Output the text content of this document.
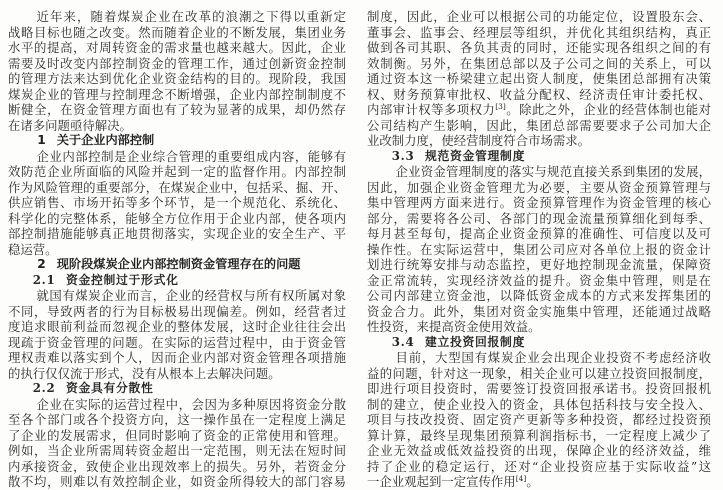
近年来，随着煤炭企业在改革的浪潮之下得以重新定
战略目标也随之改变。然而随着企业的不断发展，集团业务
水平的提高，对周转资金的需求量也越来越大。因此，企业
需要及时改变内部控制资金的管理工作，通过创新资金控制
的管理方法来达到优化企业资金结构的目的。现阶段，我国
煤炭企业的管理与控制理念不断增强，企业内部控制制度不
断健全，在资金管理方面也有了较为显著的成果，却仍然存
在诸多问题亟待解决。
1 关于企业内部控制
企业内部控制是企业综合管理的重要组成内容，能够有
效防范企业所面临的风险并起到一定的监督作用。内部控制
作为风险管理的重要部分，在煤炭企业中，包括采、掘、开、
供应销售、市场开拓等多个环节，是一个规范化、系统化、
科学化的完整体系，能够全方位作用于企业内部，使各项内
部控制措施能够真正地贯彻落实，实现企业的安全生产、平
稳运营。
2 现阶段煤炭企业内部控制资金管理存在的问题
2.1 资金控制过于形式化
就国有煤炭企业而言，企业的经营权与所有权所属对象
不同，导致两者的行为目标极易出现偏差。例如，经营者过
度追求眼前利益而忽视企业的整体发展，这时企业往往会出
现疏于资金管理的问题。在实际的运营过程中，由于资金管
理权责难以落实到个人，因而企业内部对资金管理各项措施
的执行仅仅流于形式，没有从根本上去解决问题。
2.2 资金具有分散性
企业在实际的运营过程中，会因为多种原因将资金分散
至各个部门或各个投资方向，这一操作虽在一定程度上满足
了企业的发展需求，但同时影响了资金的正常使用和管理。
例如，当企业所需周转资金超出一定范围，则无法在短时间
内承接资金，致使企业出现效率上的损失。另外，若资金分
散不均，则难以有效控制企业，如资金所得较大的部门容易
制度，因此，企业可以根据公司的功能定位，设置股东会、
董事会、监事会、经理层等组织，并优化其组织结构，真正
做到各司其职、各负其责的同时，还能实现各组织之间的有
效制衡。另外，在集团总部以及子公司之间的关系上，可以
通过资本这一桥梁建立起出资人制度，使集团总部拥有决策
权、财务预算审批权、收益分配权、经济责任审计委托权、
内部审计权等多项权力[3]。除此之外，企业的经营体制也能对
公司结构产生影响，因此，集团总部需要要求子公司加大企
业改制力度，使经营制度符合市场需求。
3.3 规范资金管理制度
企业资金管理制度的落实与规范直接关系到集团的发展，
因此，加强企业资金管理尤为必要，主要从资金预算管理与
集中管理两方面来进行。资金预算管理作为资金管理的核心
部分，需要将各公司、各部门的现金流量预算细化到每季、
每月甚至每旬，提高企业资金预算的准确性、可信度以及可
操作性。在实际运营中，集团公司应对各单位上报的资金计
划进行统筹安排与动态监控，更好地控制现金流量，保障资
金正常流转，实现经济效益的提升。资金集中管理，则是在
公司内部建立资金池，以降低资金成本的方式来发挥集团的
资金合力。此外，集团对资金实施集中管理，还能通过战略
性投资，来提高资金使用效益。
3.4 建立投资回报制度
目前，大型国有煤炭企业会出现企业投资不考虑经济收
益的问题，针对这一现象，相关企业可以建立投资回报制度，
即进行项目投资时，需要签订投资回报承诺书。投资回报机
制的建立，使企业投入的资金，具体包括科技与安全投入、
项目与技改投资、固定资产更新等多种投资，都经过投资预
算计算，最终呈现集团预算利润指标书，一定程度上减少了
企业无效益或低效益投资的出现，保障企业的经济效益，维
持了企业的稳定运行，还对“企业投资应基于实际收益”这
一企业观起到一定宣传作用[4]。
